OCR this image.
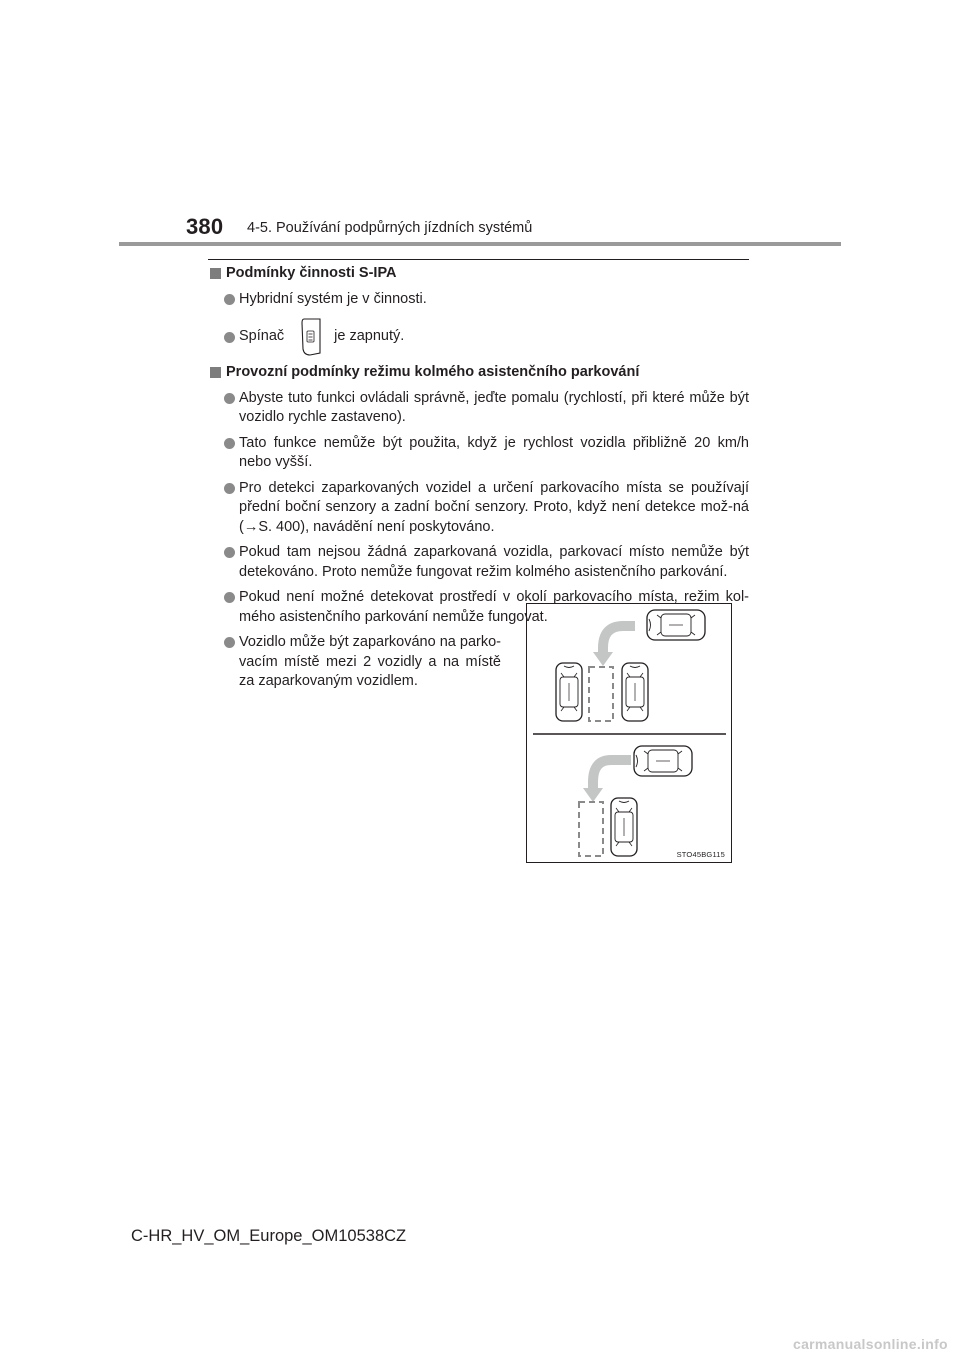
380 4-5. Používání podpůrných jízdních systémů

Podmínky činnosti S-IPA

Hybridní systém je v činnosti.
Spínač	je zapnutý.

Provozní podmínky režimu kolmého asistenčního parkování

Abyste tuto funkci ovládali správně, jeďte pomalu (rychlostí, při které může být vozidlo rychle zastaveno).
Tato funkce nemůže být použita, když je rychlost vozidla přibližně 20 km/h nebo vyšší.
Pro detekci zaparkovaných vozidel a určení parkovacího místa se používají přední boční senzory a zadní boční senzory. Proto, když není detekce mož-ná (→S. 400), navádění není poskytováno.
Pokud tam nejsou žádná zaparkovaná vozidla, parkovací místo nemůže být detekováno. Proto nemůže fungovat režim kolmého asistenčního parkování.
Pokud není možné detekovat prostředí v okolí parkovacího místa, režim kol-mého asistenčního parkování nemůže fungovat.
Vozidlo může být zaparkováno na parko-vacím místě mezi 2 vozidly a na místě za zaparkovaným vozidlem.
STO45BG115
C-HR_HV_OM_Europe_OM10538CZ
carmanualsonline.info
